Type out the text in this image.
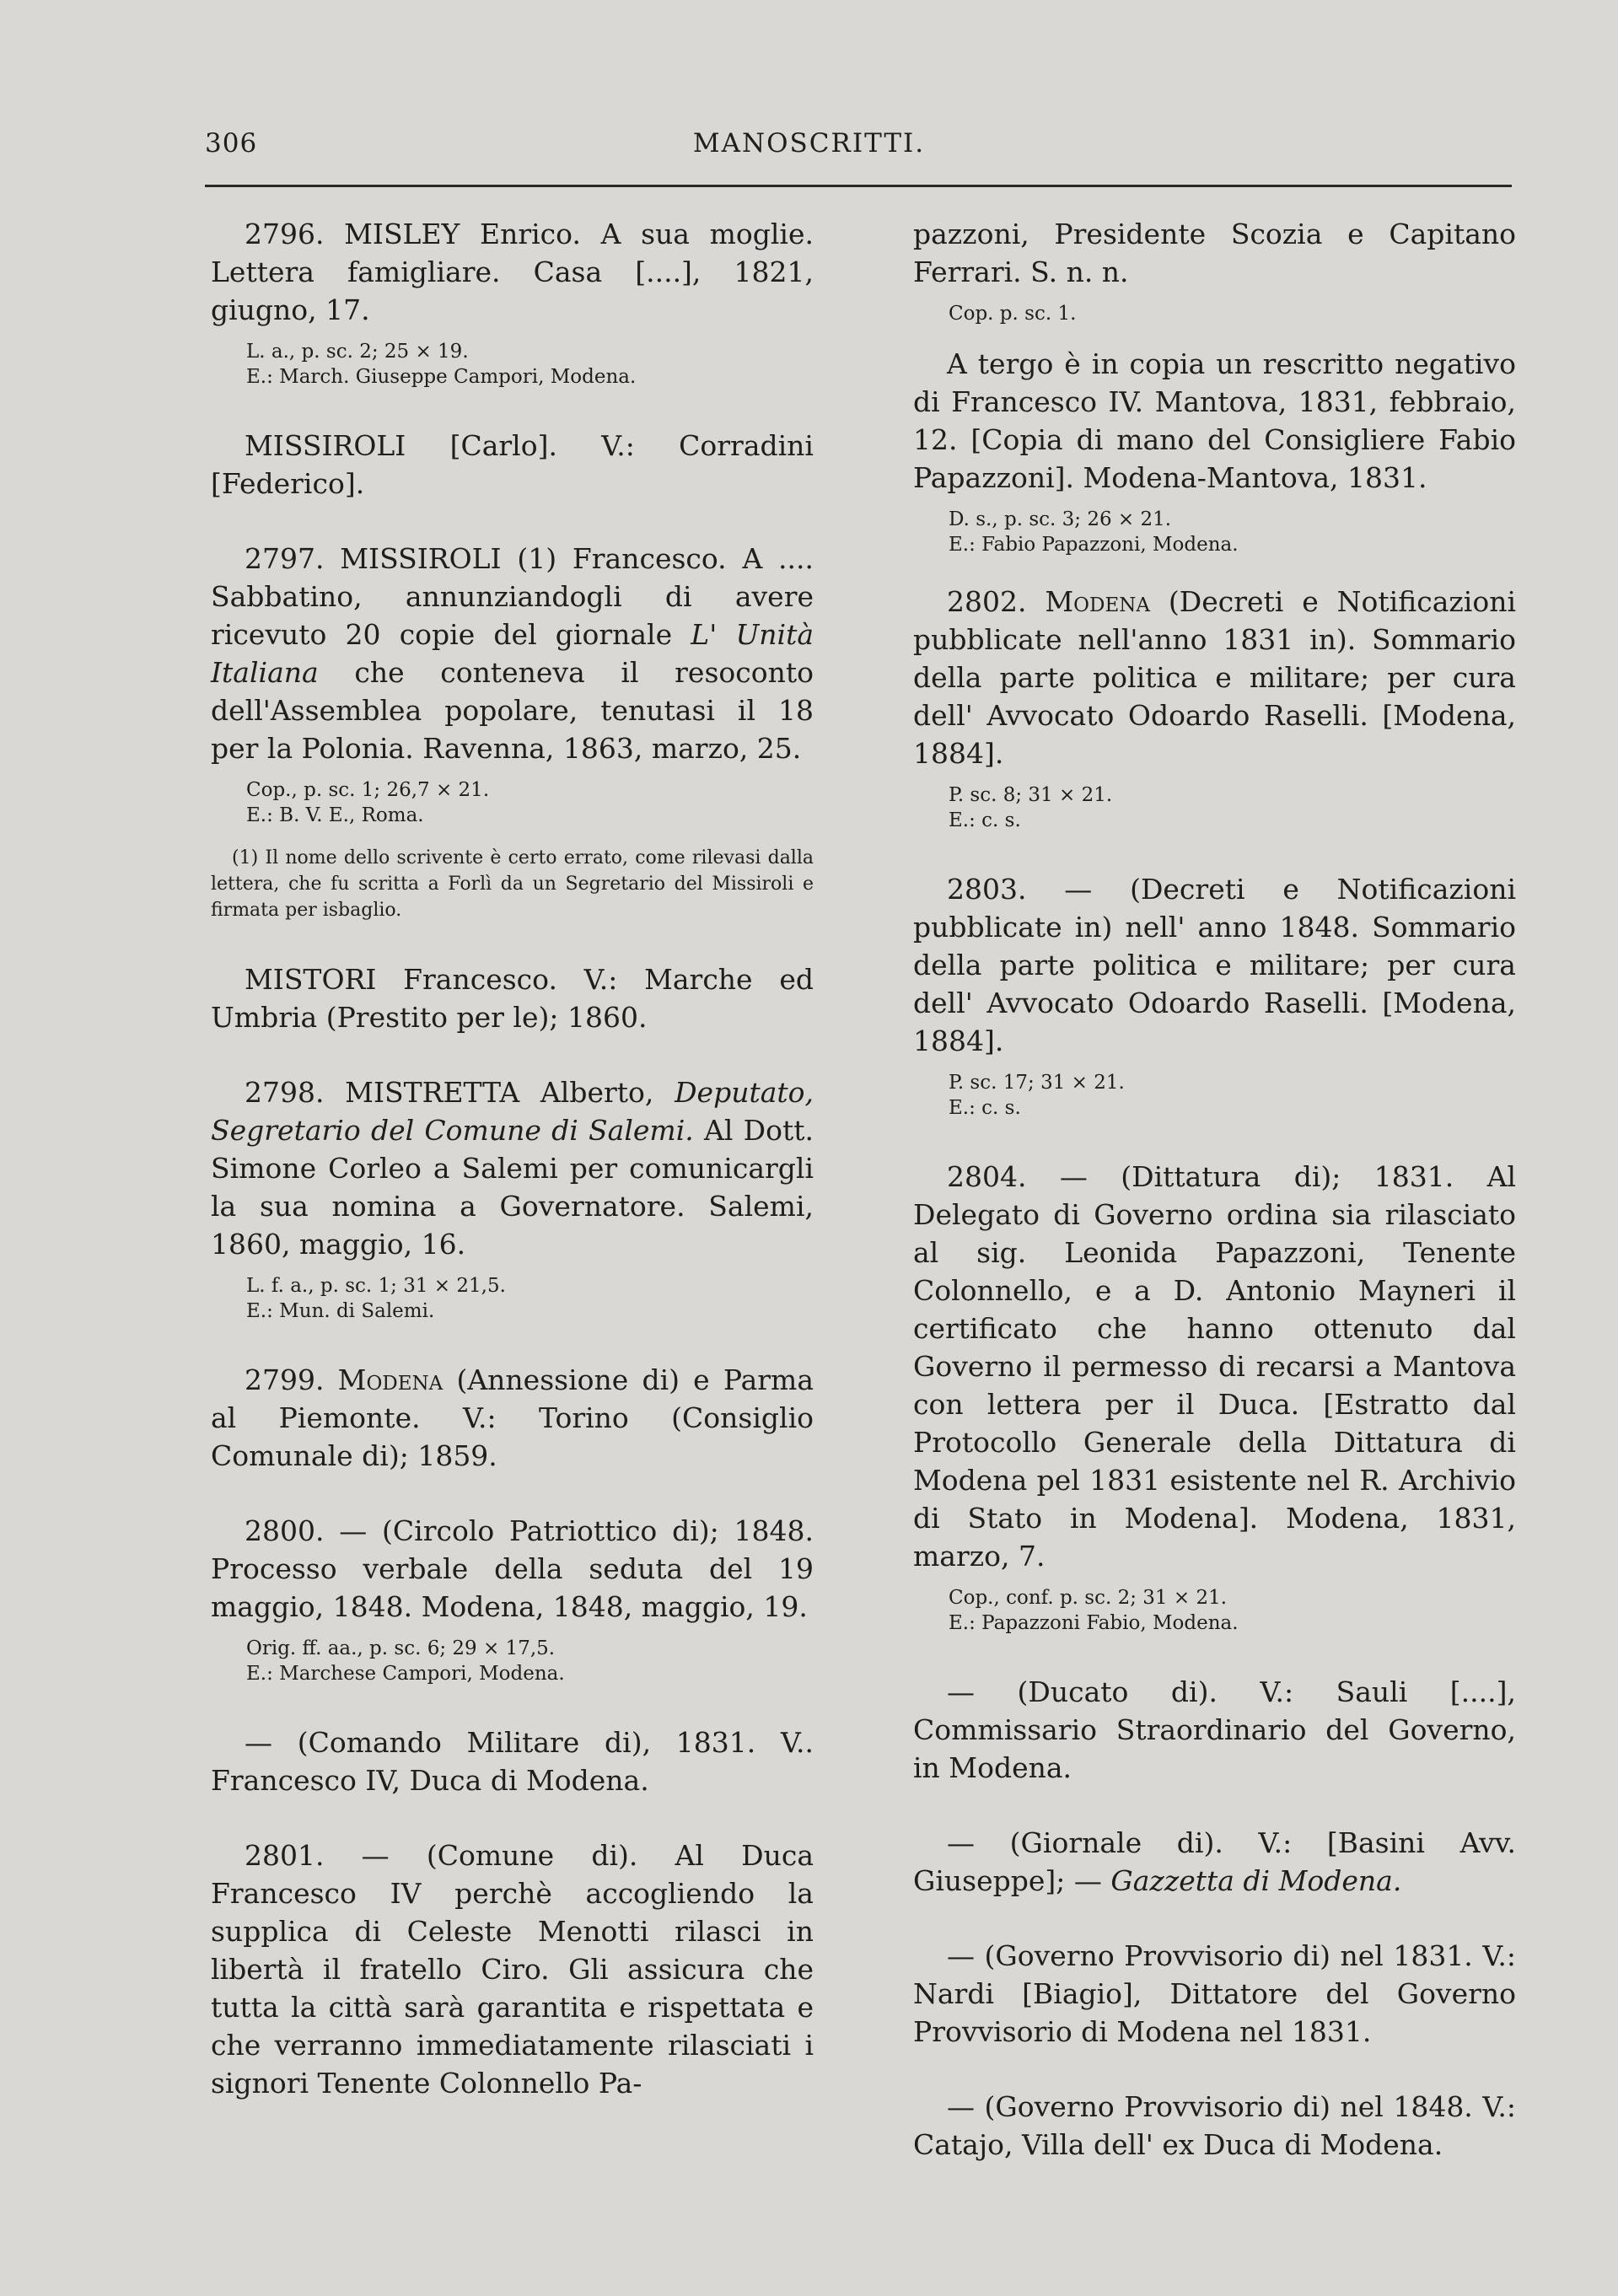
306	MANOSCRITTI.
2796. MISLEY Enrico. A sua moglie. Lettera famigliare. Casa [....], 1821, giugno, 17.
L. a., p. sc. 2; 25 ⨯ 19.
E.: March. Giuseppe Campori, Modena.
MISSIROLI [Carlo]. V.: Corradini [Federico].
2797. MISSIROLI (1) Francesco. A .... Sabbatino, annunziandogli di avere ricevuto 20 copie del giornale L' Unità Italiana che conteneva il resoconto dell'Assemblea popolare, tenutasi il 18 per la Polonia. Ravenna, 1863, marzo, 25.
Cop., p. sc. 1; 26,7 ⨯ 21.
E.: B. V. E., Roma.
(1) Il nome dello scrivente è certo errato, come rilevasi dalla lettera, che fu scritta a Forlì da un Segretario del Missiroli e firmata per isbaglio.
MISTORI Francesco. V.: Marche ed Umbria (Prestito per le); 1860.
2798. MISTRETTA Alberto, Deputato, Segretario del Comune di Salemi. Al Dott. Simone Corleo a Salemi per comunicargli la sua nomina a Governatore. Salemi, 1860, maggio, 16.
L. f. a., p. sc. 1; 31 ⨯ 21,5.
E.: Mun. di Salemi.
2799. Modena (Annessione di) e Parma al Piemonte. V.: Torino (Consiglio Comunale di); 1859.
2800. — (Circolo Patriottico di); 1848. Processo verbale della seduta del 19 maggio, 1848. Modena, 1848, maggio, 19.
Orig. ff. aa., p. sc. 6; 29 ⨯ 17,5.
E.: Marchese Campori, Modena.
— (Comando Militare di), 1831. V.. Francesco IV, Duca di Modena.
2801. — (Comune di). Al Duca Francesco IV perchè accogliendo la supplica di Celeste Menotti rilasci in libertà il fratello Ciro. Gli assicura che tutta la città sarà garantita e rispettata e che verranno immediatamente rilasciati i signori Tenente Colonnello Pa-
pazzoni, Presidente Scozia e Capitano Ferrari. S. n. n.
Cop. p. sc. 1.
A tergo è in copia un rescritto negativo di Francesco IV. Mantova, 1831, febbraio, 12. [Copia di mano del Consigliere Fabio Papazzoni]. Modena-Mantova, 1831.
D. s., p. sc. 3; 26 ⨯ 21.
E.: Fabio Papazzoni, Modena.
2802. Modena (Decreti e Notificazioni pubblicate nell'anno 1831 in). Sommario della parte politica e militare; per cura dell' Avvocato Odoardo Raselli. [Modena, 1884].
P. sc. 8; 31 ⨯ 21.
E.: c. s.
2803. — (Decreti e Notificazioni pubblicate in) nell' anno 1848. Sommario della parte politica e militare; per cura dell' Avvocato Odoardo Raselli. [Modena, 1884].
P. sc. 17; 31 ⨯ 21.
E.: c. s.
2804. — (Dittatura di); 1831. Al Delegato di Governo ordina sia rilasciato al sig. Leonida Papazzoni, Tenente Colonnello, e a D. Antonio Mayneri il certificato che hanno ottenuto dal Governo il permesso di recarsi a Mantova con lettera per il Duca. [Estratto dal Protocollo Generale della Dittatura di Modena pel 1831 esistente nel R. Archivio di Stato in Modena]. Modena, 1831, marzo, 7.
Cop., conf. p. sc. 2; 31 ⨯ 21.
E.: Papazzoni Fabio, Modena.
— (Ducato di). V.: Sauli [....], Commissario Straordinario del Governo, in Modena.
— (Giornale di). V.: [Basini Avv. Giuseppe]; — Gazzetta di Modena.
— (Governo Provvisorio di) nel 1831. V.: Nardi [Biagio], Dittatore del Governo Provvisorio di Modena nel 1831.
— (Governo Provvisorio di) nel 1848. V.: Catajo, Villa dell' ex Duca di Modena.
